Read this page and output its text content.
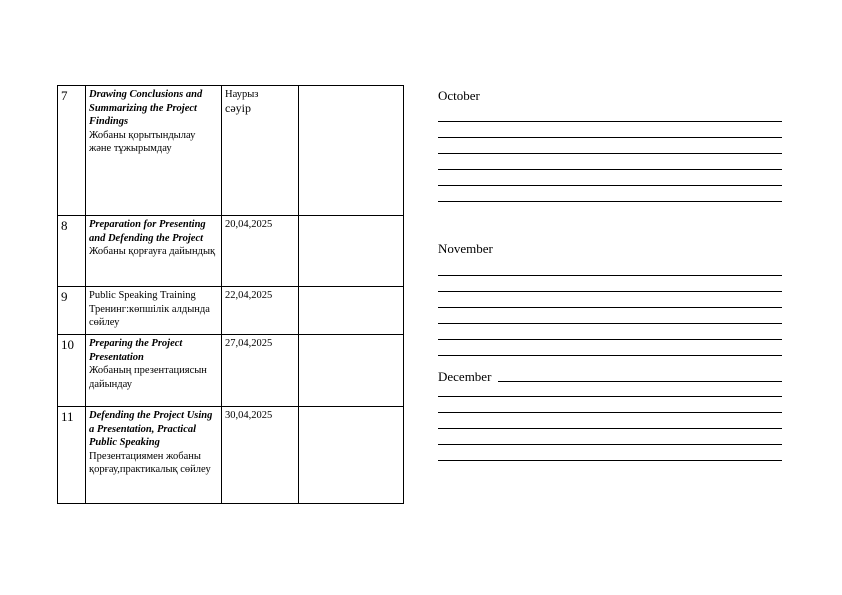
7	Drawing Conclusions and Summarizing the Project Findings
Жобаны қорытындылау және тұжырымдау	Наурыз
сәуір	

8	Preparation for Presenting and Defending the Project
Жобаны қорғауға дайындық	20,04,2025	
9	Public Speaking Training Тренинг:көпшілік алдында сөйлеу	22,04,2025	
10	Preparing the Project Presentation
Жобаның презентациясын дайындау	27,04,2025	
11	Defending the Project Using a Presentation, Practical Public Speaking
Презентациямен жобаны қорғау,практикалық сөйлеу	30,04,2025	
October
November
December
